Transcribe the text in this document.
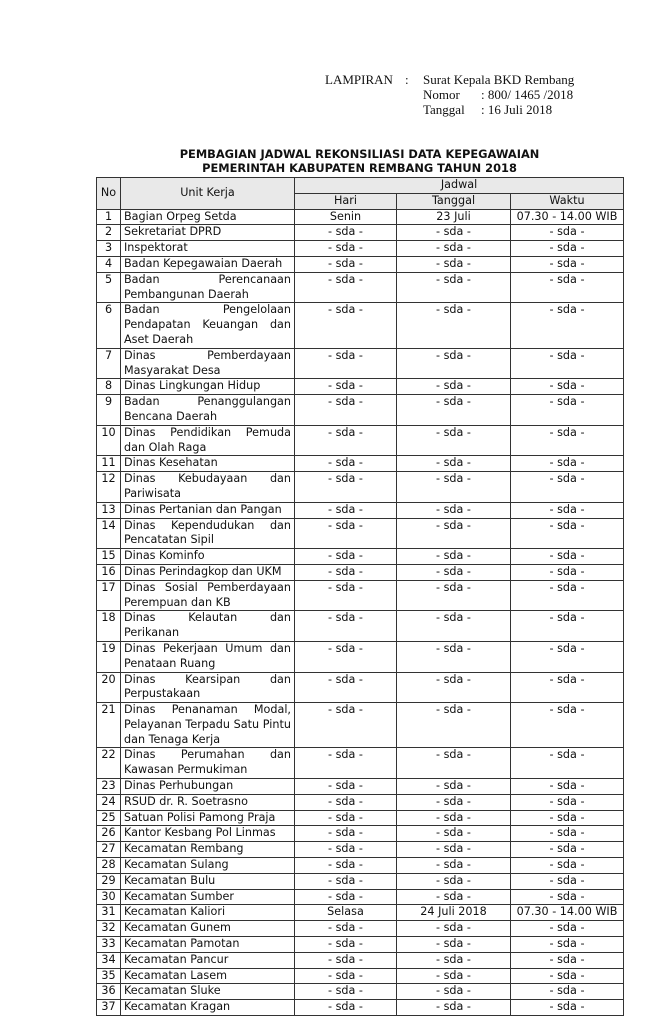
LAMPIRAN :	Surat Kepala BKD Rembang
Nomor	: 800/ 1465 /2018
Tanggal	: 16 Juli 2018
PEMBAGIAN JADWAL REKONSILIASI DATA KEPEGAWAIAN
PEMERINTAH KABUPATEN REMBANG TAHUN 2018
No	Unit Kerja	Jadwal		
		Hari	Tanggal	Waktu
1	Bagian Orpeg Setda	Senin	23 Juli	07.30 - 14.00 WIB
2	Sekretariat DPRD	- sda -	- sda -	- sda -
3	Inspektorat	- sda -	- sda -	- sda -
4	Badan Kepegawaian Daerah	- sda -	- sda -	- sda -
5	Badan Perencanaan Pembangunan Daerah	- sda -	- sda -	- sda -
6	Badan Pengelolaan Pendapatan Keuangan dan Aset Daerah	- sda -	- sda -	- sda -
7	Dinas Pemberdayaan Masyarakat Desa	- sda -	- sda -	- sda -
8	Dinas Lingkungan Hidup	- sda -	- sda -	- sda -
9	Badan Penanggulangan Bencana Daerah	- sda -	- sda -	- sda -
10	Dinas Pendidikan Pemuda dan Olah Raga	- sda -	- sda -	- sda -
11	Dinas Kesehatan	- sda -	- sda -	- sda -
12	Dinas Kebudayaan dan Pariwisata	- sda -	- sda -	- sda -
13	Dinas Pertanian dan Pangan	- sda -	- sda -	- sda -
14	Dinas Kependudukan dan Pencatatan Sipil	- sda -	- sda -	- sda -
15	Dinas Kominfo	- sda -	- sda -	- sda -
16	Dinas Perindagkop dan UKM	- sda -	- sda -	- sda -
17	Dinas Sosial Pemberdayaan Perempuan dan KB	- sda -	- sda -	- sda -
18	Dinas Kelautan dan Perikanan	- sda -	- sda -	- sda -
19	Dinas Pekerjaan Umum dan Penataan Ruang	- sda -	- sda -	- sda -
20	Dinas Kearsipan dan Perpustakaan	- sda -	- sda -	- sda -
21	Dinas Penanaman Modal, Pelayanan Terpadu Satu Pintu dan Tenaga Kerja	- sda -	- sda -	- sda -
22	Dinas Perumahan dan Kawasan Permukiman	- sda -	- sda -	- sda -
23	Dinas Perhubungan	- sda -	- sda -	- sda -
24	RSUD dr. R. Soetrasno	- sda -	- sda -	- sda -
25	Satuan Polisi Pamong Praja	- sda -	- sda -	- sda -
26	Kantor Kesbang Pol Linmas	- sda -	- sda -	- sda -
27	Kecamatan Rembang	- sda -	- sda -	- sda -
28	Kecamatan Sulang	- sda -	- sda -	- sda -
29	Kecamatan Bulu	- sda -	- sda -	- sda -
30	Kecamatan Sumber	- sda -	- sda -	- sda -
31	Kecamatan Kaliori	Selasa	24 Juli 2018	07.30 - 14.00 WIB
32	Kecamatan Gunem	- sda -	- sda -	- sda -
33	Kecamatan Pamotan	- sda -	- sda -	- sda -
34	Kecamatan Pancur	- sda -	- sda -	- sda -
35	Kecamatan Lasem	- sda -	- sda -	- sda -
36	Kecamatan Sluke	- sda -	- sda -	- sda -
37	Kecamatan Kragan	- sda -	- sda -	- sda -
